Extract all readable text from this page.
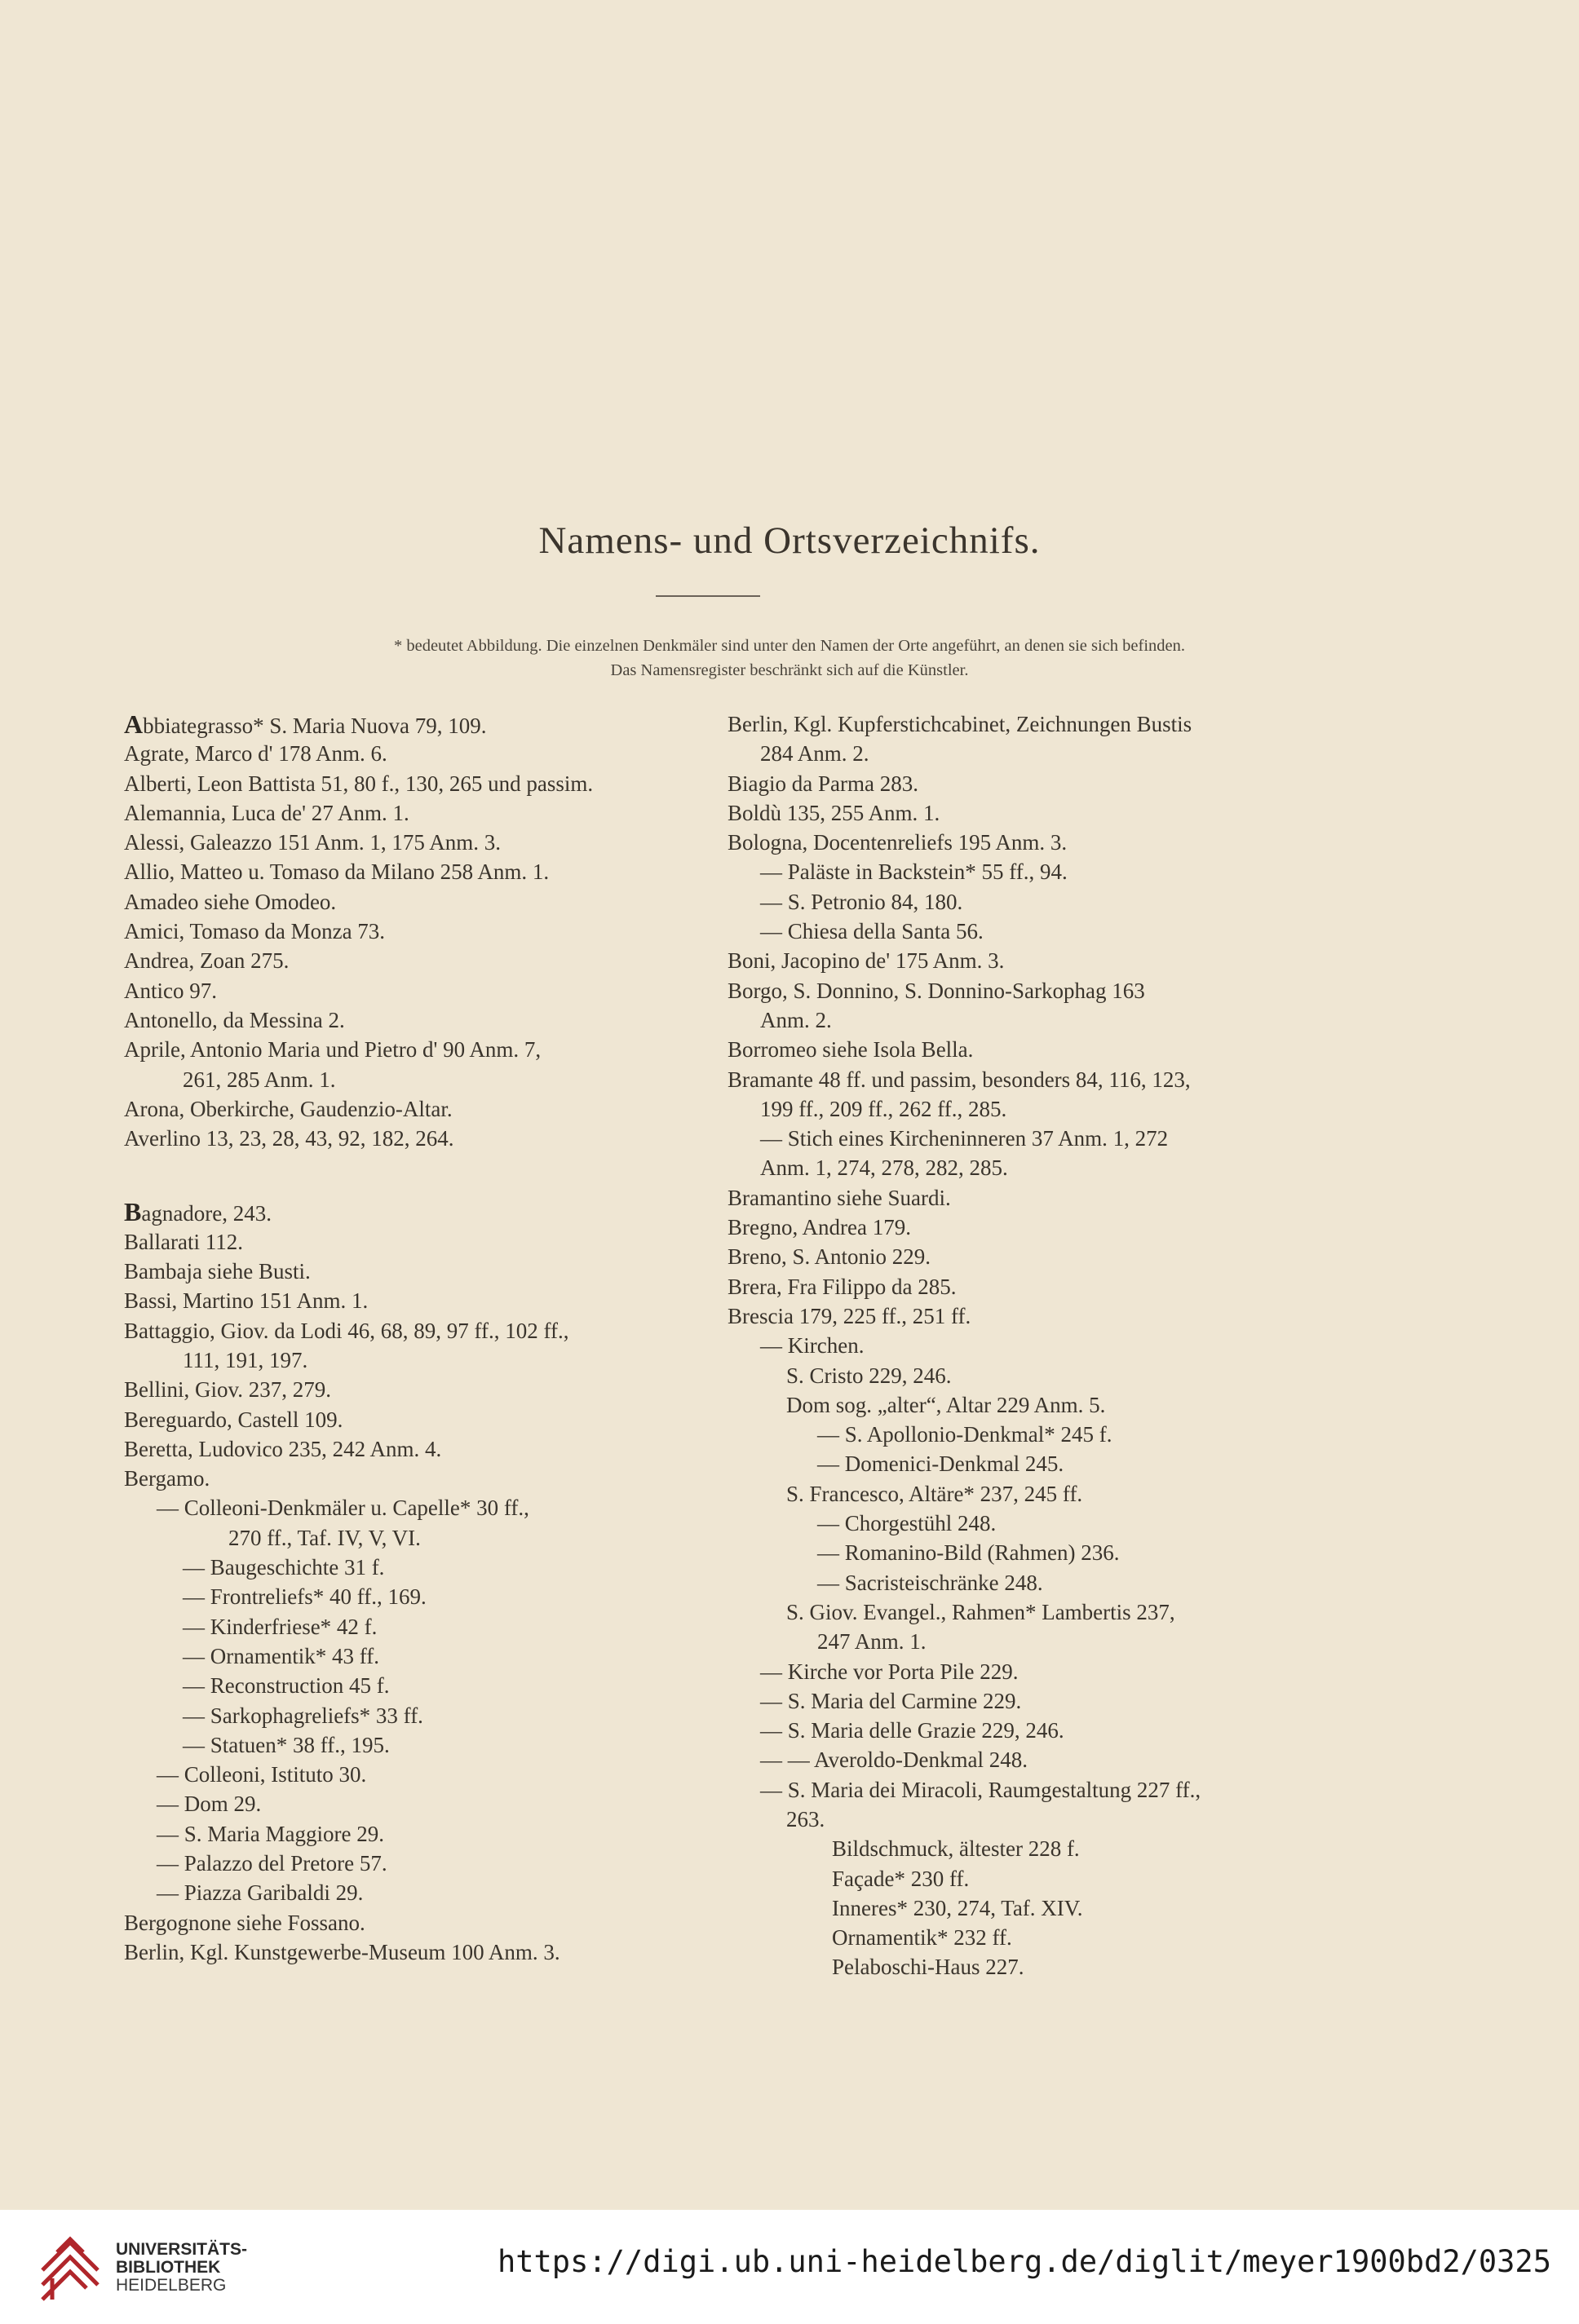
Namens- und Ortsverzeichnifs.
* bedeutet Abbildung. Die einzelnen Denkmäler sind unter den Namen der Orte angeführt, an denen sie sich befinden.
Das Namensregister beschränkt sich auf die Künstler.
Abbiategrasso* S. Maria Nuova 79, 109.
Agrate, Marco d' 178 Anm. 6.
Alberti, Leon Battista 51, 80 f., 130, 265 und passim.
Alemannia, Luca de' 27 Anm. 1.
Alessi, Galeazzo 151 Anm. 1, 175 Anm. 3.
Allio, Matteo u. Tomaso da Milano 258 Anm. 1.
Amadeo siehe Omodeo.
Amici, Tomaso da Monza 73.
Andrea, Zoan 275.
Antico 97.
Antonello, da Messina 2.
Aprile, Antonio Maria und Pietro d' 90 Anm. 7,
261, 285 Anm. 1.
Arona, Oberkirche, Gaudenzio-Altar.
Averlino 13, 23, 28, 43, 92, 182, 264.
Bagnadore, 243.
Ballarati 112.
Bambaja siehe Busti.
Bassi, Martino 151 Anm. 1.
Battaggio, Giov. da Lodi 46, 68, 89, 97 ff., 102 ff.,
111, 191, 197.
Bellini, Giov. 237, 279.
Bereguardo, Castell 109.
Beretta, Ludovico 235, 242 Anm. 4.
Bergamo.
— Colleoni-Denkmäler u. Capelle* 30 ff.,
270 ff., Taf. IV, V, VI.
— Baugeschichte 31 f.
— Frontreliefs* 40 ff., 169.
— Kinderfriese* 42 f.
— Ornamentik* 43 ff.
— Reconstruction 45 f.
— Sarkophagreliefs* 33 ff.
— Statuen* 38 ff., 195.
— Colleoni, Istituto 30.
— Dom 29.
— S. Maria Maggiore 29.
— Palazzo del Pretore 57.
— Piazza Garibaldi 29.
Bergognone siehe Fossano.
Berlin, Kgl. Kunstgewerbe-Museum 100 Anm. 3.
Berlin, Kgl. Kupferstichcabinet, Zeichnungen Bustis
284 Anm. 2.
Biagio da Parma 283.
Boldù 135, 255 Anm. 1.
Bologna, Docentenreliefs 195 Anm. 3.
— Paläste in Backstein* 55 ff., 94.
— S. Petronio 84, 180.
— Chiesa della Santa 56.
Boni, Jacopino de' 175 Anm. 3.
Borgo, S. Donnino, S. Donnino-Sarkophag 163
Anm. 2.
Borromeo siehe Isola Bella.
Bramante 48 ff. und passim, besonders 84, 116, 123,
199 ff., 209 ff., 262 ff., 285.
— Stich eines Kircheninneren 37 Anm. 1, 272
Anm. 1, 274, 278, 282, 285.
Bramantino siehe Suardi.
Bregno, Andrea 179.
Breno, S. Antonio 229.
Brera, Fra Filippo da 285.
Brescia 179, 225 ff., 251 ff.
— Kirchen.
S. Cristo 229, 246.
Dom sog. „alter“, Altar 229 Anm. 5.
— S. Apollonio-Denkmal* 245 f.
— Domenici-Denkmal 245.
S. Francesco, Altäre* 237, 245 ff.
— Chorgestühl 248.
— Romanino-Bild (Rahmen) 236.
— Sacristeischränke 248.
S. Giov. Evangel., Rahmen* Lambertis 237,
247 Anm. 1.
— Kirche vor Porta Pile 229.
— S. Maria del Carmine 229.
— S. Maria delle Grazie 229, 246.
— — Averoldo-Denkmal 248.
— S. Maria dei Miracoli, Raumgestaltung 227 ff.,
263.
Bildschmuck, ältester 228 f.
Façade* 230 ff.
Inneres* 230, 274, Taf. XIV.
Ornamentik* 232 ff.
Pelaboschi-Haus 227.
UNIVERSITÄTS-
BIBLIOTHEK
HEIDELBERG
https://digi.ub.uni-heidelberg.de/diglit/meyer1900bd2/0325
